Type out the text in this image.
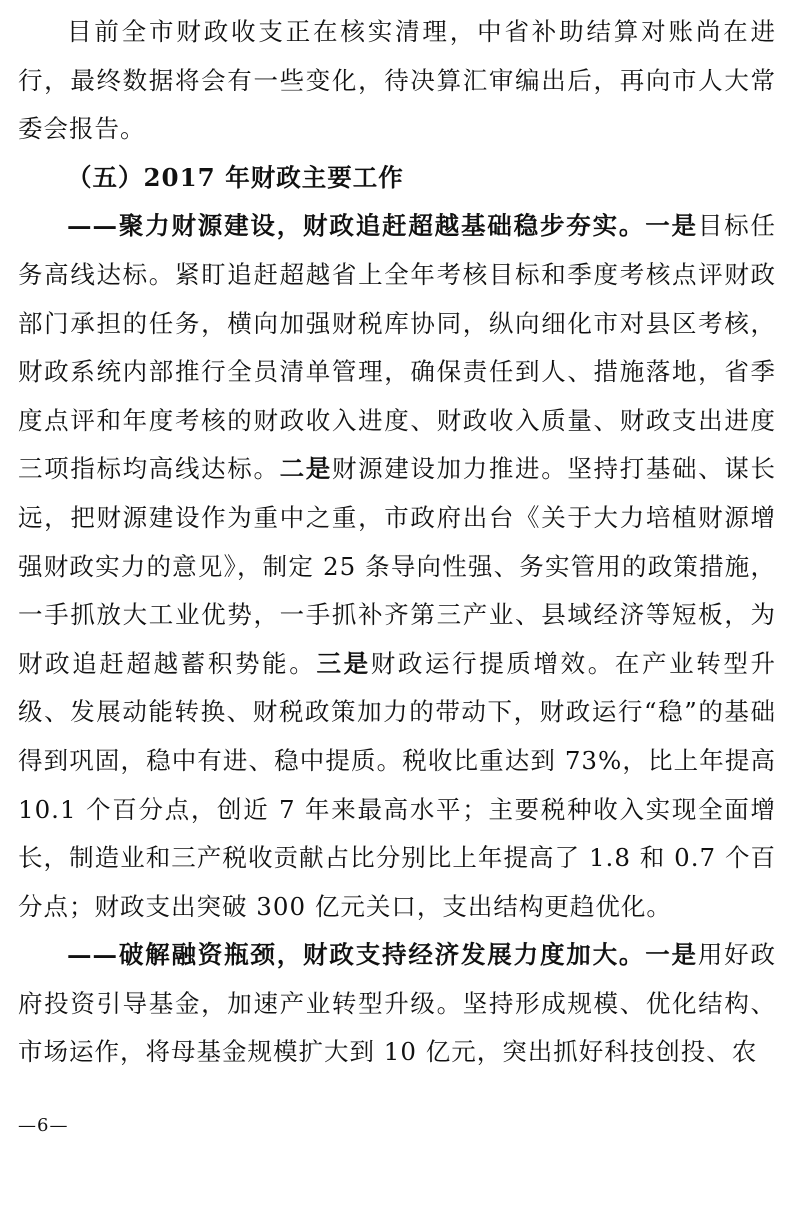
目前全市财政收支正在核实清理，中省补助结算对账尚在进行，最终数据将会有一些变化，待决算汇审编出后，再向市人大常委会报告。

（五）2017 年财政主要工作

——聚力财源建设，财政追赶超越基础稳步夯实。一是目标任务高线达标。紧盯追赶超越省上全年考核目标和季度考核点评财政部门承担的任务，横向加强财税库协同，纵向细化市对县区考核，财政系统内部推行全员清单管理，确保责任到人、措施落地，省季度点评和年度考核的财政收入进度、财政收入质量、财政支出进度三项指标均高线达标。二是财源建设加力推进。坚持打基础、谋长远，把财源建设作为重中之重，市政府出台《关于大力培植财源增强财政实力的意见》，制定 25 条导向性强、务实管用的政策措施，一手抓放大工业优势，一手抓补齐第三产业、县域经济等短板，为财政追赶超越蓄积势能。三是财政运行提质增效。在产业转型升级、发展动能转换、财税政策加力的带动下，财政运行“稳”的基础得到巩固，稳中有进、稳中提质。税收比重达到 73%，比上年提高 10.1 个百分点，创近 7 年来最高水平；主要税种收入实现全面增长，制造业和三产税收贡献占比分别比上年提高了 1.8 和 0.7 个百分点；财政支出突破 300 亿元关口，支出结构更趋优化。

——破解融资瓶颈，财政支持经济发展力度加大。一是用好政府投资引导基金，加速产业转型升级。坚持形成规模、优化结构、市场运作，将母基金规模扩大到 10 亿元，突出抓好科技创投、农

—6—
